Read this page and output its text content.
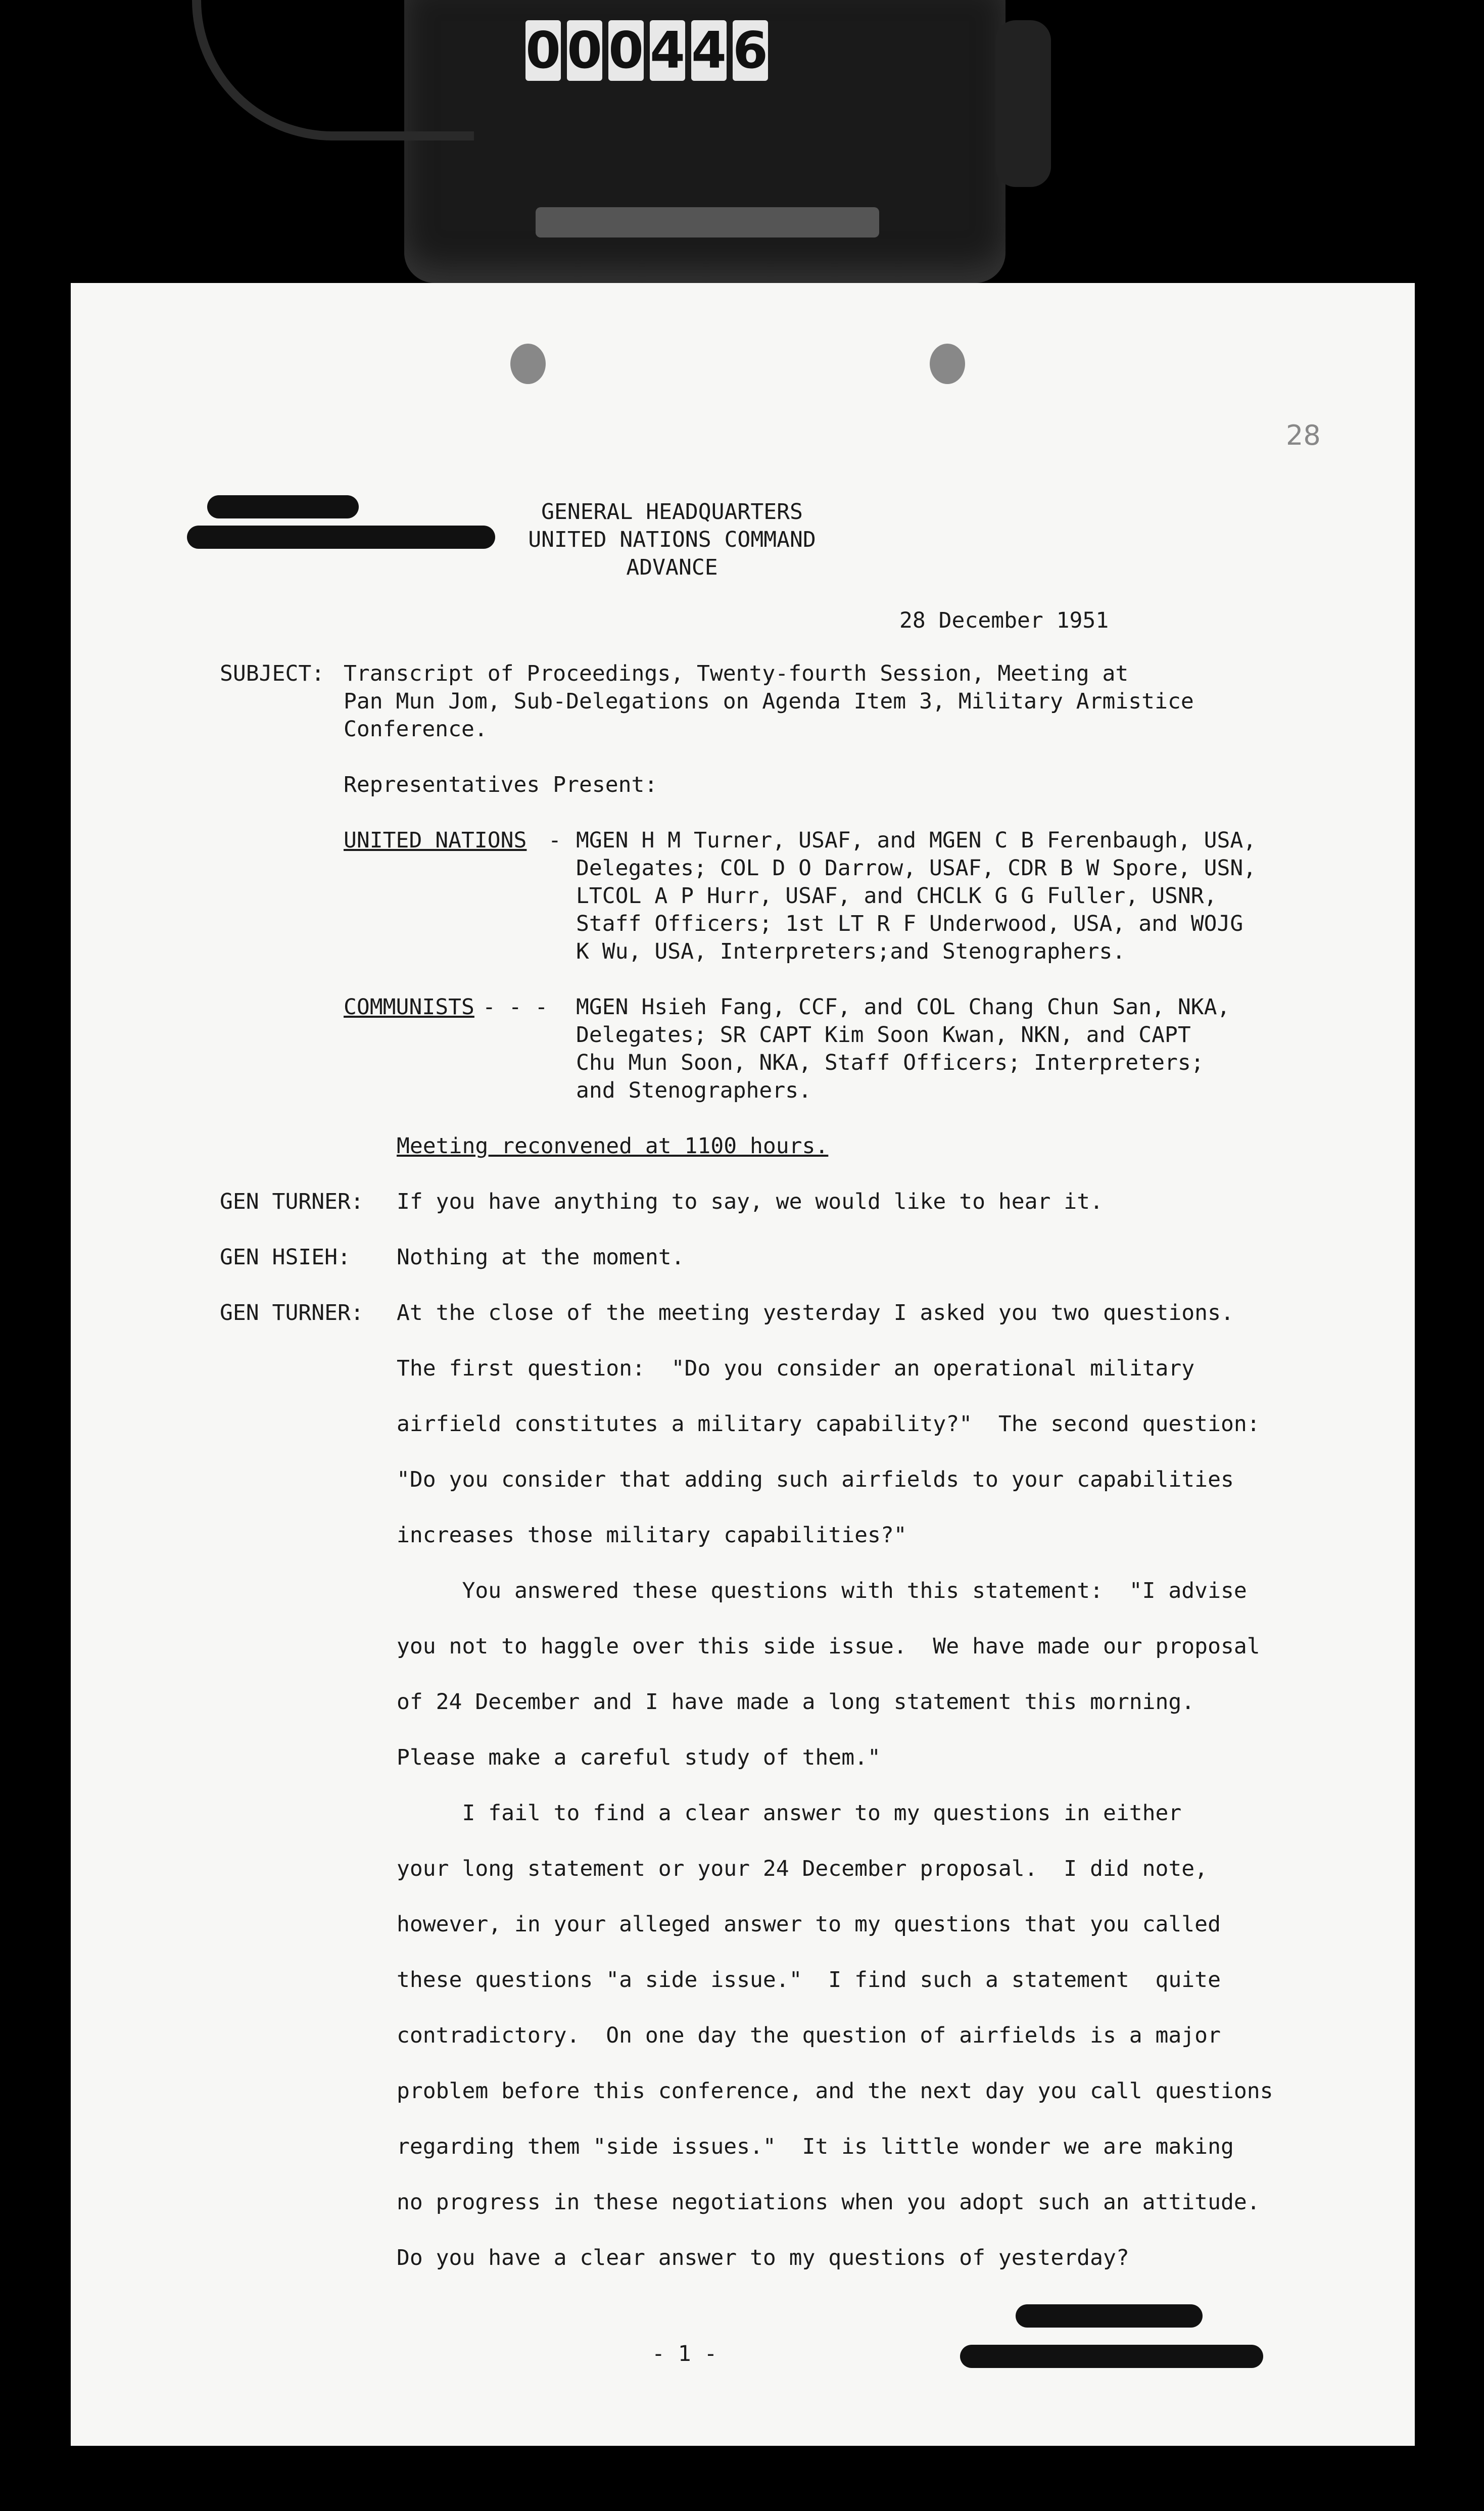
0 0 0 4 4 6
28
GENERAL HEADQUARTERS
UNITED NATIONS COMMAND
ADVANCE
28 December 1951
SUBJECT: Transcript of Proceedings, Twenty-fourth Session, Meeting at
Pan Mun Jom, Sub-Delegations on Agenda Item 3, Military Armistice
Conference.
Representatives Present:
UNITED NATIONS - MGEN H M Turner, USAF, and MGEN C B Ferenbaugh, USA,
Delegates; COL D O Darrow, USAF, CDR B W Spore, USN,
LTCOL A P Hurr, USAF, and CHCLK G G Fuller, USNR,
Staff Officers; 1st LT R F Underwood, USA, and WOJG
K Wu, USA, Interpreters;and Stenographers.
COMMUNISTS - - - MGEN Hsieh Fang, CCF, and COL Chang Chun San, NKA,
Delegates; SR CAPT Kim Soon Kwan, NKN, and CAPT
Chu Mun Soon, NKA, Staff Officers; Interpreters;
and Stenographers.
Meeting reconvened at 1100 hours.
GEN TURNER: If you have anything to say, we would like to hear it.
GEN HSIEH: Nothing at the moment.
GEN TURNER: At the close of the meeting yesterday I asked you two questions.
The first question:  "Do you consider an operational military
airfield constitutes a military capability?"  The second question:
"Do you consider that adding such airfields to your capabilities
increases those military capabilities?"
You answered these questions with this statement:  "I advise
you not to haggle over this side issue.  We have made our proposal
of 24 December and I have made a long statement this morning.
Please make a careful study of them."
I fail to find a clear answer to my questions in either
your long statement or your 24 December proposal.  I did note,
however, in your alleged answer to my questions that you called
these questions "a side issue."  I find such a statement  quite
contradictory.  On one day the question of airfields is a major
problem before this conference, and the next day you call questions
regarding them "side issues."  It is little wonder we are making
no progress in these negotiations when you adopt such an attitude.
Do you have a clear answer to my questions of yesterday?
- 1 -
